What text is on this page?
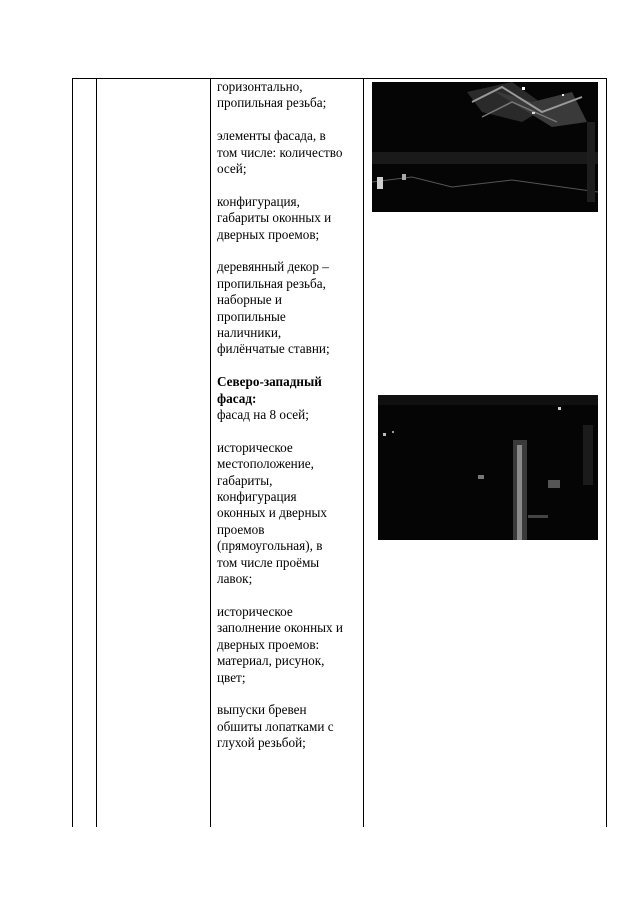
горизонтально,
пропильная резьба;

элементы фасада, в
том числе: количество
осей;

конфигурация,
габариты оконных и
дверных проемов;

деревянный декор –
пропильная резьба,
наборные и
пропильные
наличники,
филёнчатые ставни;

Северо-западный
фасад:

фасад на 8 осей;

историческое
местоположение,
габариты,
конфигурация
оконных и дверных
проемов
(прямоугольная), в
том числе проёмы
лавок;

историческое
заполнение оконных и
дверных проемов:
материал, рисунок,
цвет;

выпуски бревен
обшиты лопатками с
глухой резьбой;
